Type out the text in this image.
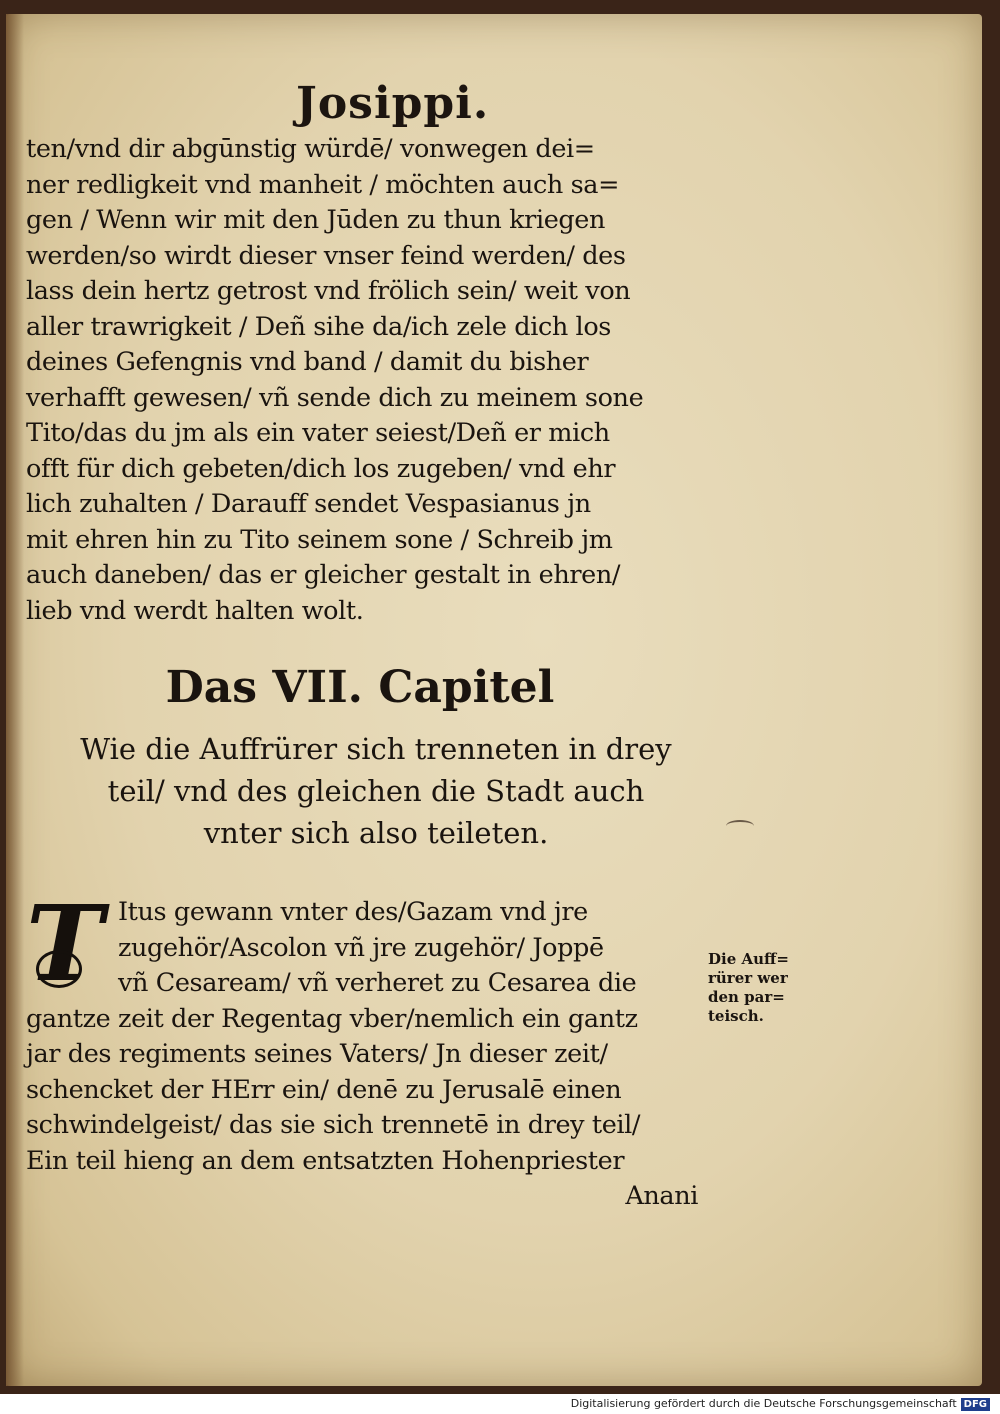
Josippi.
ten/vnd dir abgūnstig würdē/ vonwegen dei=
ner redligkeit vnd manheit / möchten auch sa=
gen / Wenn wir mit den Jūden zu thun kriegen
werden/so wirdt dieser vnser feind werden/ des
lass dein hertz getrost vnd frölich sein/ weit von
aller trawrigkeit / Deñ sihe da/ich zele dich los
deines Gefengnis vnd band / damit du bisher
verhafft gewesen/ vñ sende dich zu meinem sone
Tito/das du jm als ein vater seiest/Deñ er mich
offt für dich gebeten/dich los zugeben/ vnd ehr
lich zuhalten / Darauff sendet Vespasianus jn
mit ehren hin zu Tito seinem sone / Schreib jm
auch daneben/ das er gleicher gestalt in ehren/
lieb vnd werdt halten wolt.
Das VII. Capitel
Wie die Auffrürer sich trenneten in drey
teil/ vnd des gleichen die Stadt auch
vnter sich also teileten.
T Itus gewann vnter des/Gazam vnd jre
zugehör/Ascolon vñ jre zugehör/ Joppē
vñ Cesaream/ vñ verheret zu Cesarea die
gantze zeit der Regentag vber/nemlich ein gantz
jar des regiments seines Vaters/ Jn dieser zeit/
schencket der HErr ein/ denē zu Jerusalē einen
schwindelgeist/ das sie sich trennetē in drey teil/
Ein teil hieng an dem entsatzten Hohenpriester
Anani
Die Auff=
rürer wer
den par=
teisch.
Digitalisierung gefördert durch die Deutsche Forschungsgemeinschaft DFG
